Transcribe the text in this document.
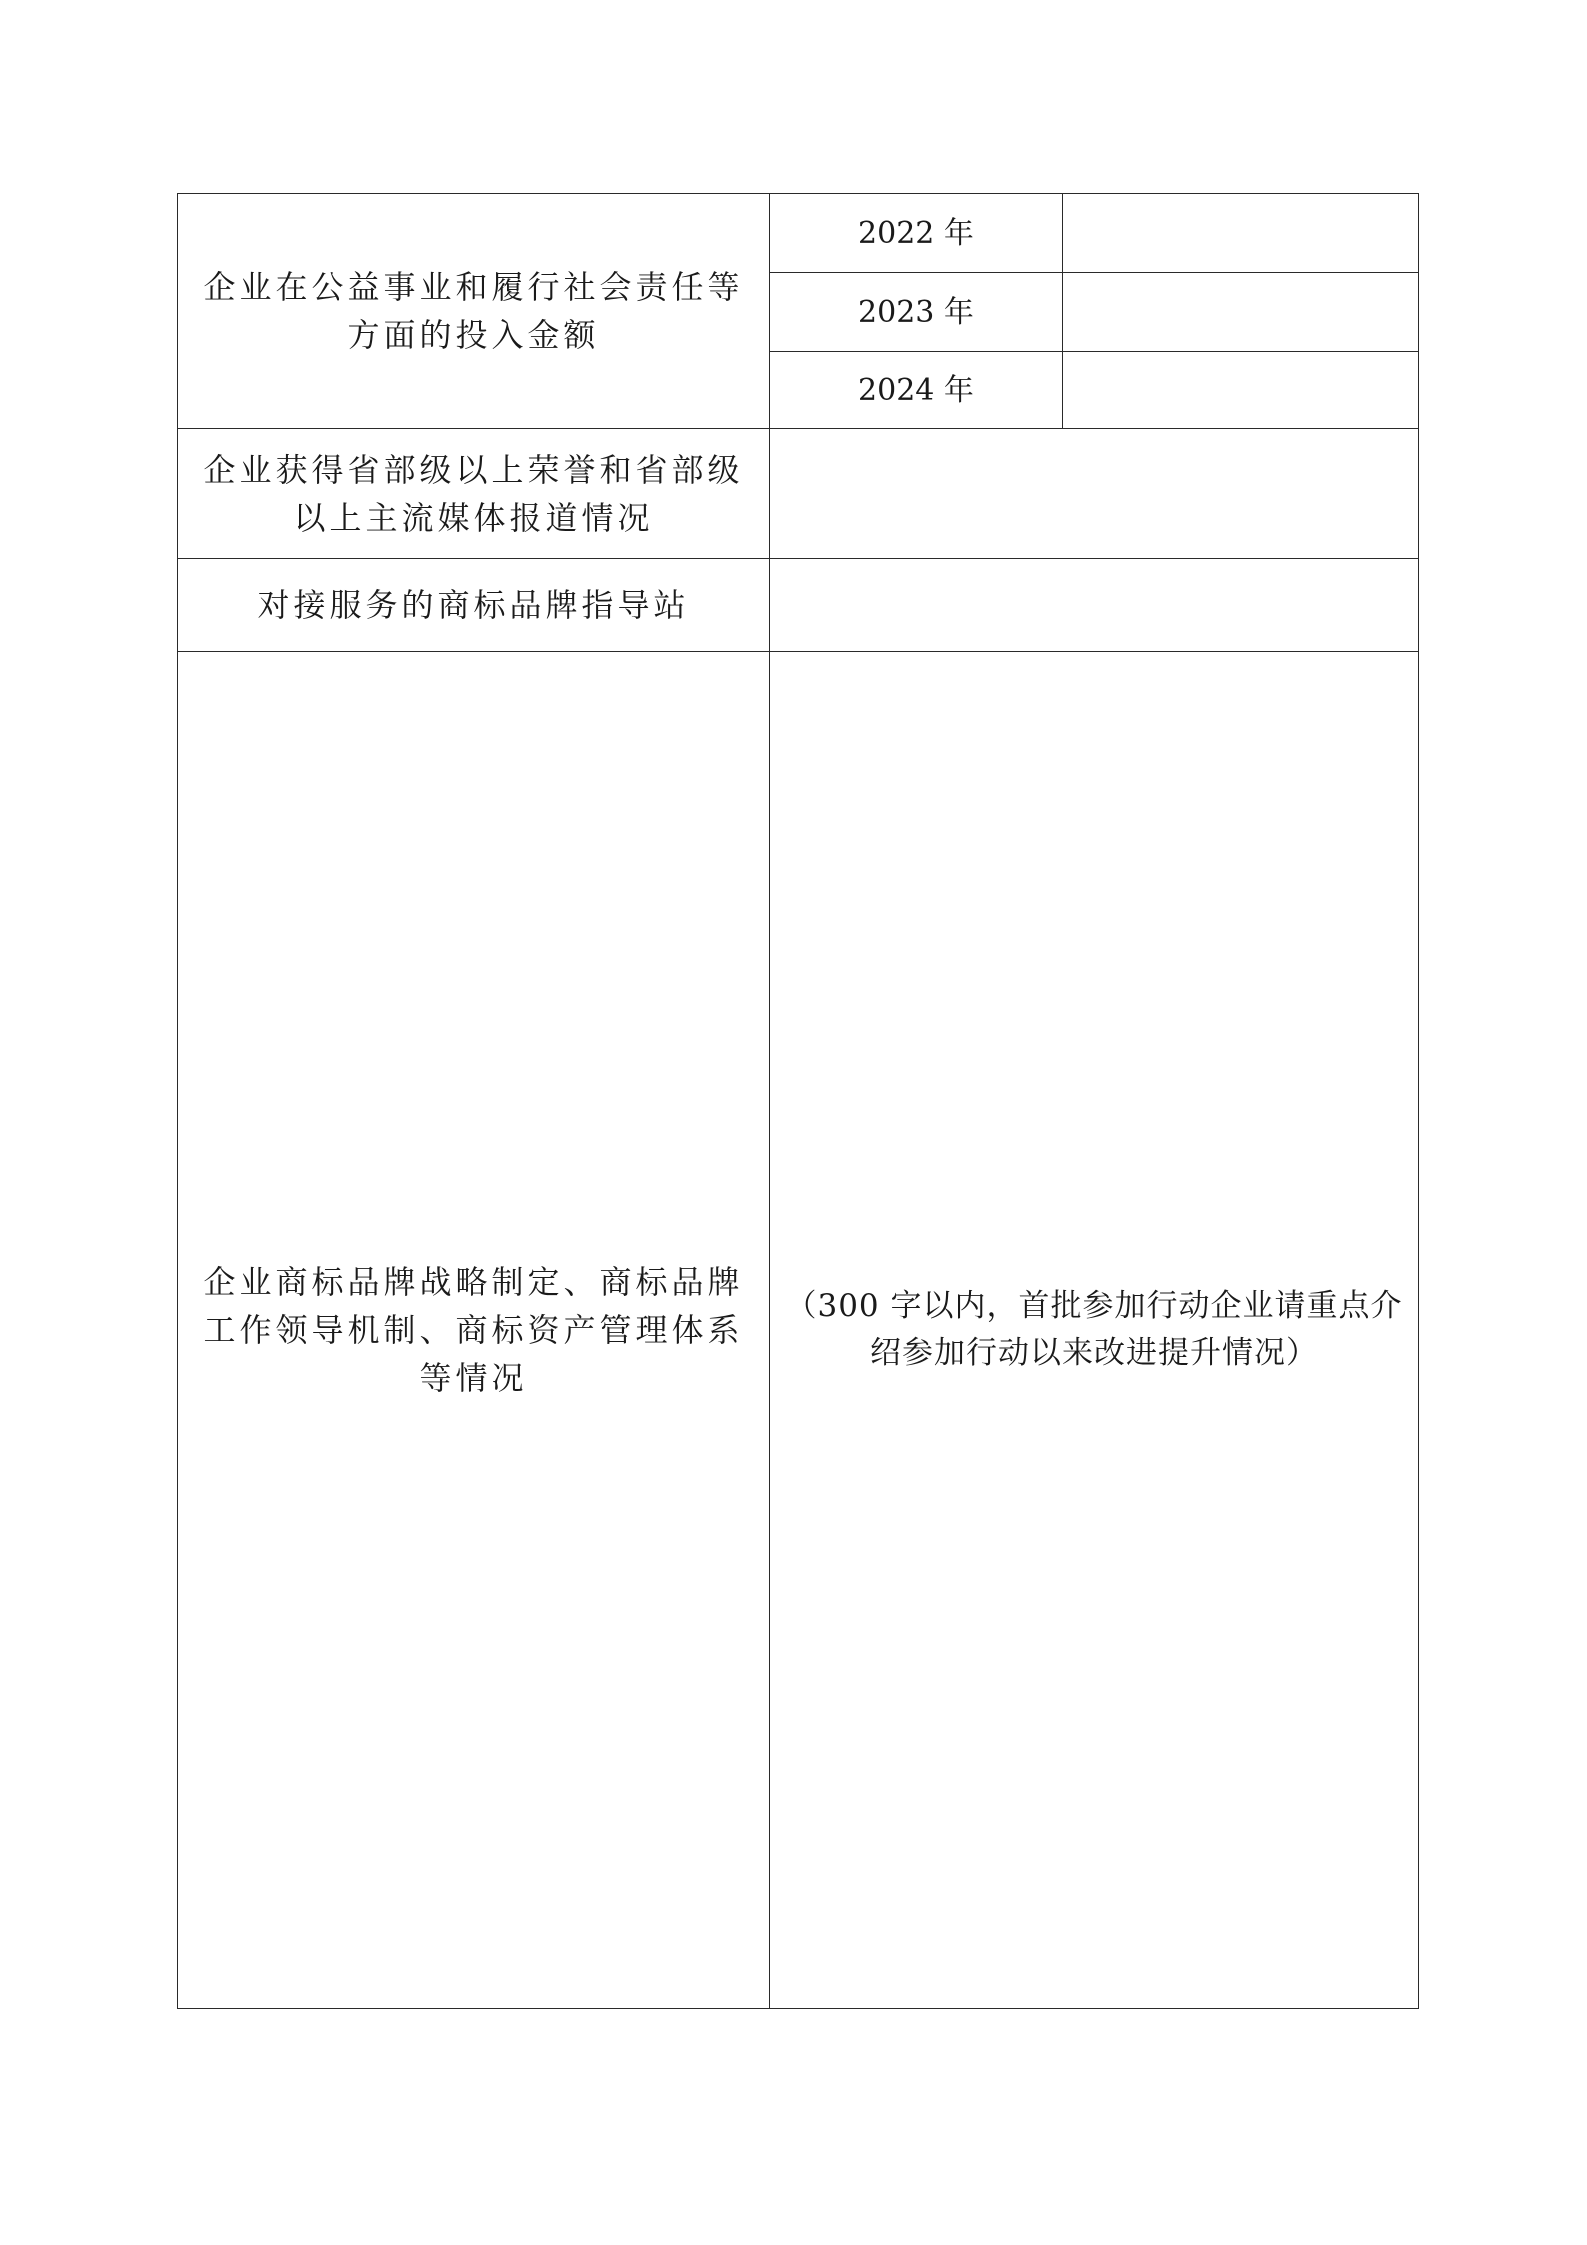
企业在公益事业和履行社会责任等方面的投入金额	2022 年	
	2023 年	
	2024 年	

企业获得省部级以上荣誉和省部级以上主流媒体报道情况		

对接服务的商标品牌指导站		

企业商标品牌战略制定、商标品牌工作领导机制、商标资产管理体系等情况	（300 字以内，首批参加行动企业请重点介绍参加行动以来改进提升情况）	
